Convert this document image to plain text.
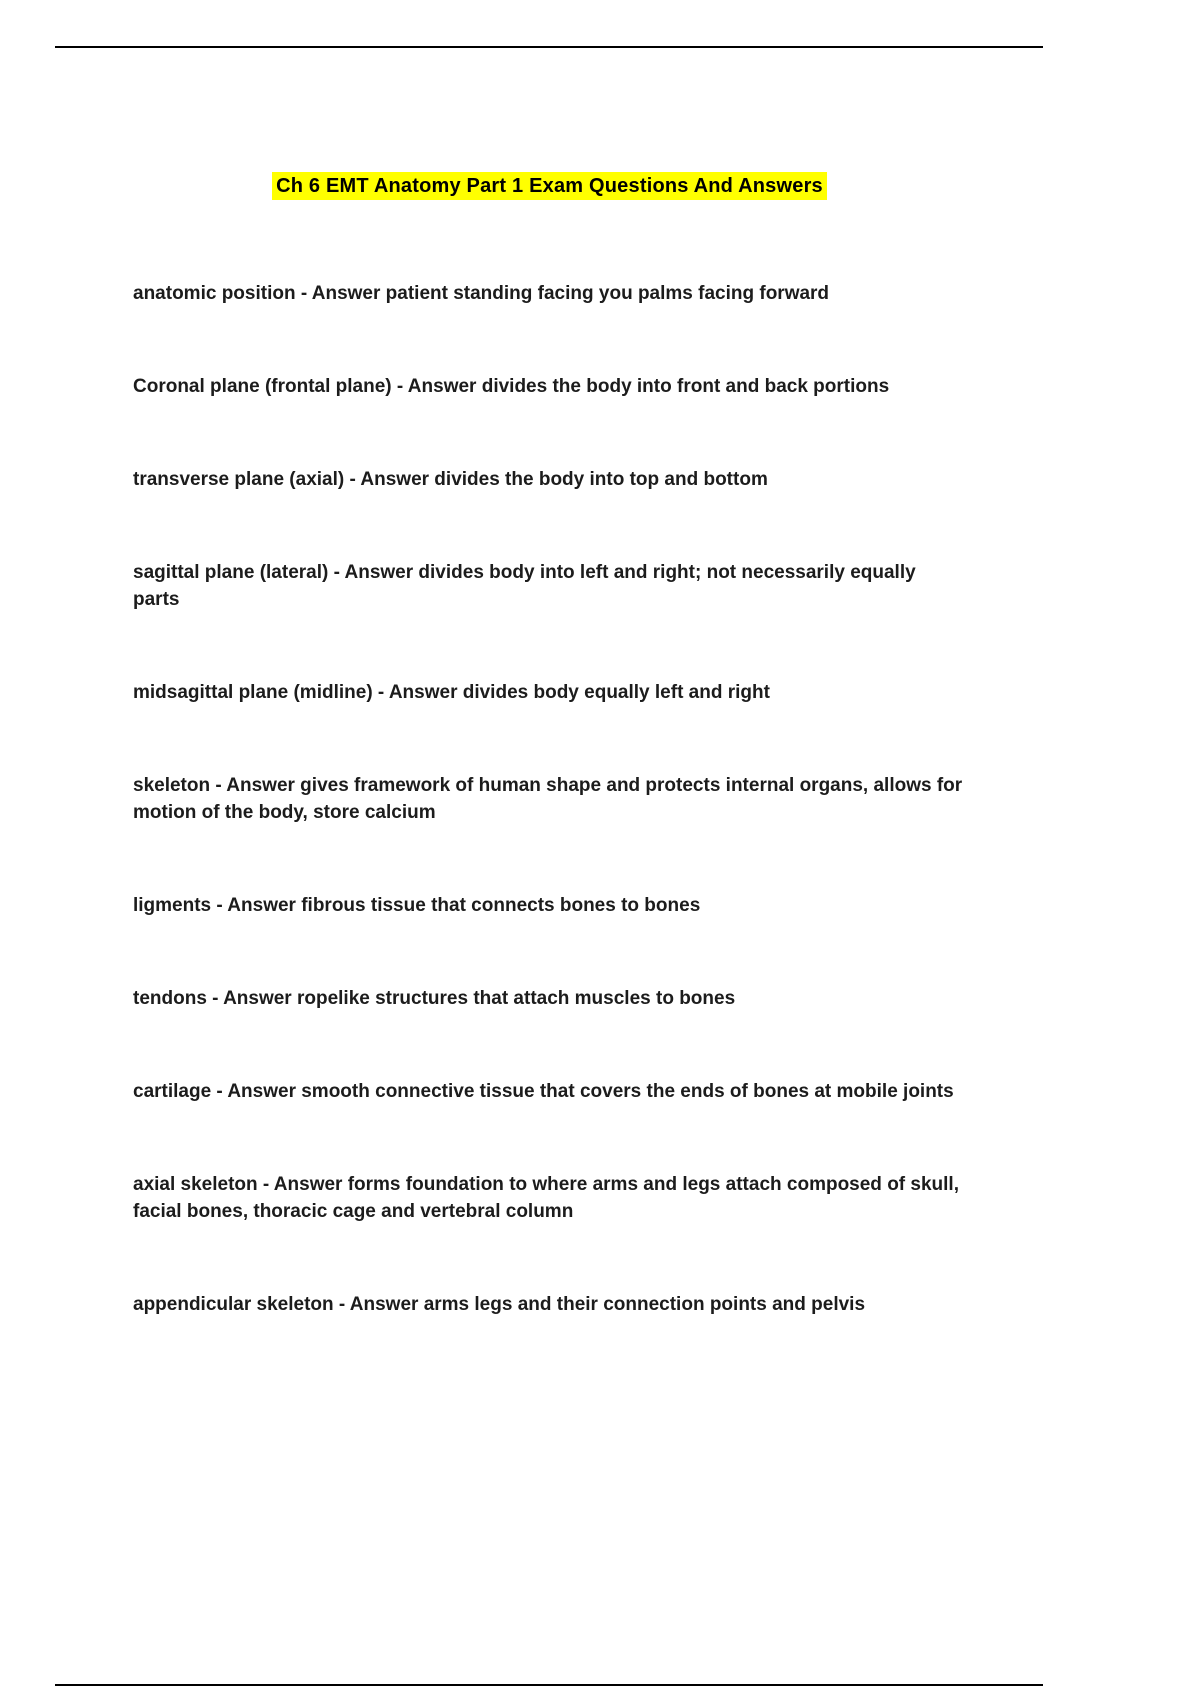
Ch 6 EMT Anatomy Part 1 Exam Questions And Answers

anatomic position - Answer patient standing facing you palms facing forward

Coronal plane (frontal plane) - Answer divides the body into front and back portions

transverse plane (axial) - Answer divides the body into top and bottom

sagittal plane (lateral) - Answer divides body into left and right; not necessarily equally parts

midsagittal plane (midline) - Answer divides body equally left and right

skeleton - Answer gives framework of human shape and protects internal organs, allows for motion of the body, store calcium

ligments - Answer fibrous tissue that connects bones to bones

tendons - Answer ropelike structures that attach muscles to bones

cartilage - Answer smooth connective tissue that covers the ends of bones at mobile joints

axial skeleton - Answer forms foundation to where arms and legs attach composed of skull, facial bones, thoracic cage and vertebral column

appendicular skeleton - Answer arms legs and their connection points and pelvis
